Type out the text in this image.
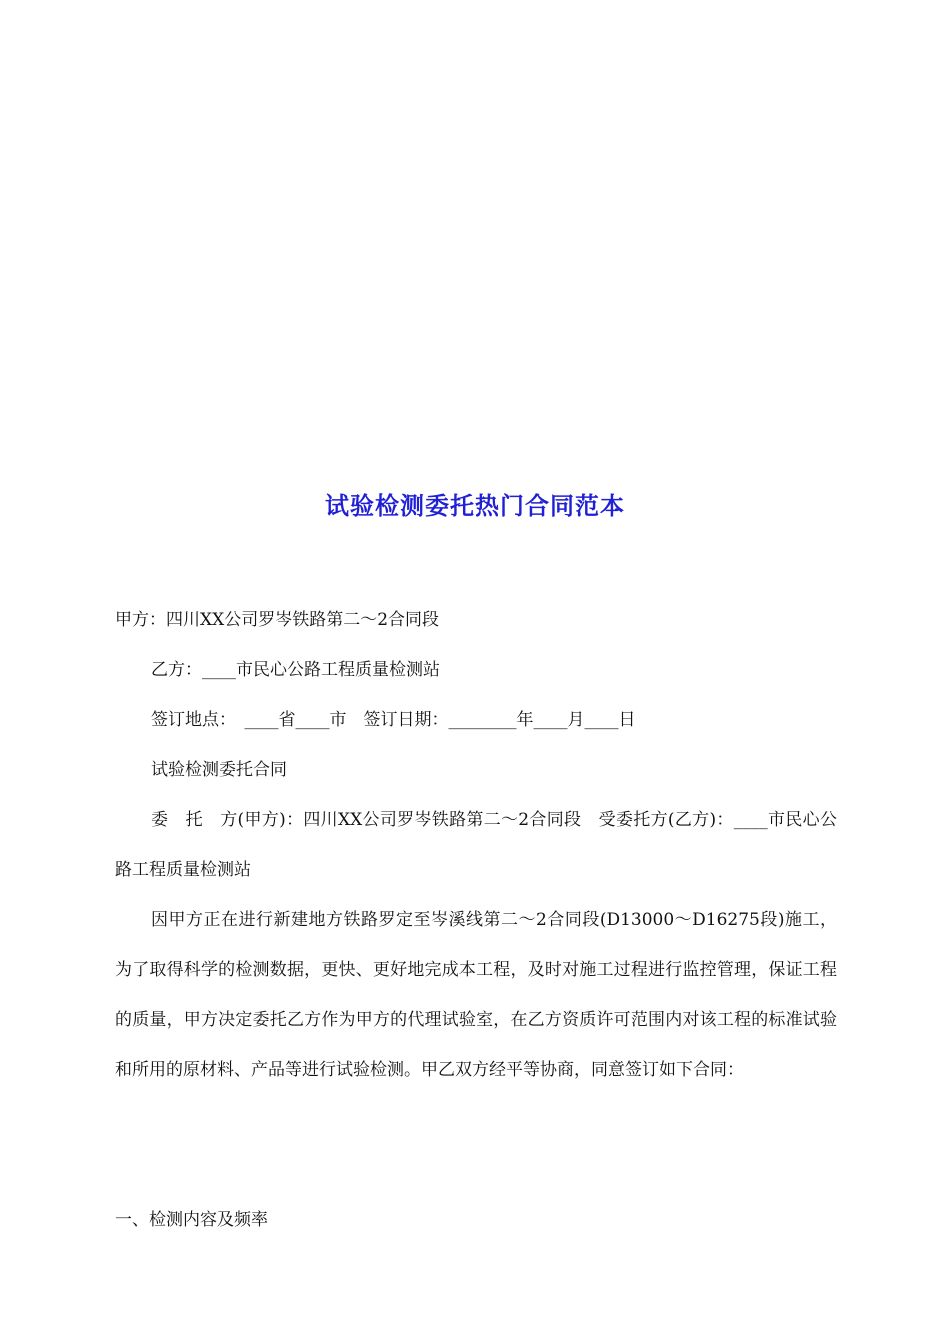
试验检测委托热门合同范本
甲方：四川XX公司罗岑铁路第二～2合同段
乙方：____市民心公路工程质量检测站
签订地点：　____省____市　签订日期：________年____月____日
试验检测委托合同
委　托　方(甲方)：四川XX公司罗岑铁路第二～2合同段　受委托方(乙方)：____市民心公路工程质量检测站
因甲方正在进行新建地方铁路罗定至岑溪线第二～2合同段(D13000～D16275段)施工，为了取得科学的检测数据，更快、更好地完成本工程，及时对施工过程进行监控管理，保证工程的质量，甲方决定委托乙方作为甲方的代理试验室，在乙方资质许可范围内对该工程的标准试验和所用的原材料、产品等进行试验检测。甲乙双方经平等协商，同意签订如下合同：
一、检测内容及频率
